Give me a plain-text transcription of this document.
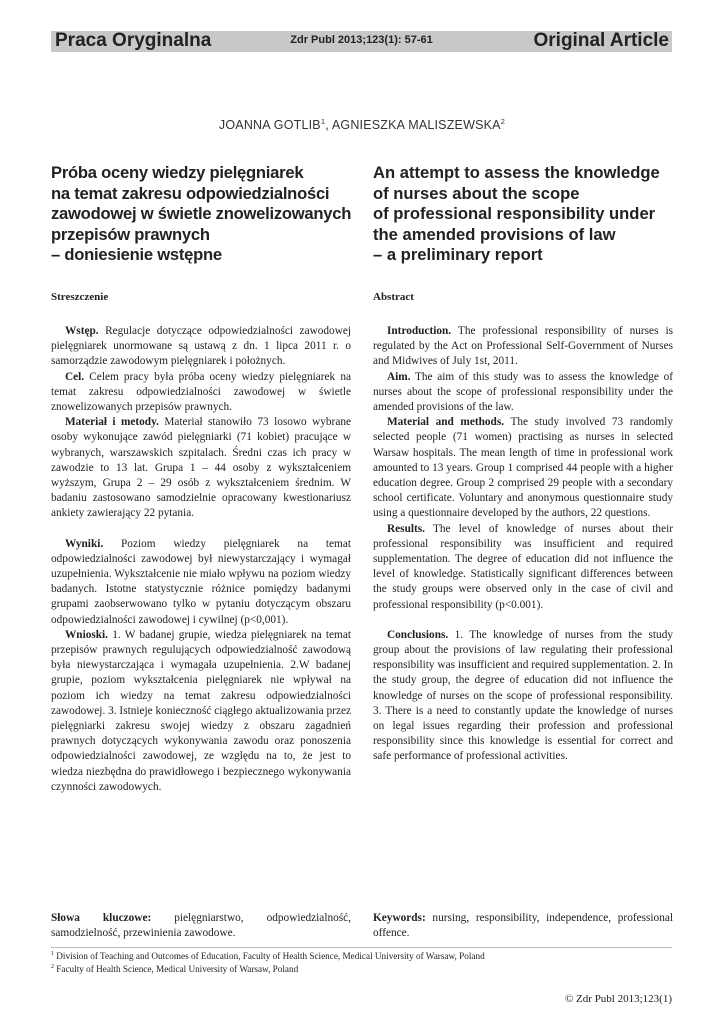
Praca Oryginalna	Zdr Publ 2013;123(1): 57-61	Original Article
JOANNA GOTLIB$^1$, AGNIESZKA MALISZEWSKA$^2$
Próba oceny wiedzy pielęgniarek
na temat zakresu odpowiedzialności
zawodowej w świetle znowelizowanych
przepisów prawnych
– doniesienie wstępne
An attempt to assess the knowledge
of nurses about the scope
of professional responsibility under
the amended provisions of law
– a preliminary report
Streszczenie	Abstract

Wstęp. Regulacje dotyczące odpowiedzialności zawodowej pielęgniarek unormowane są ustawą z dn. 1 lipca 2011 r. o samorządzie zawodowym pielęgniarek i położnych.

Cel. Celem pracy była próba oceny wiedzy pielęgniarek na temat zakresu odpowiedzialności zawodowej w świetle znowelizowanych przepisów prawnych.

Materiał i metody. Materiał stanowiło 73 losowo wybrane osoby wykonujące zawód pielęgniarki (71 kobiet) pracujące w wybranych, warszawskich szpitalach. Średni czas ich pracy w zawodzie to 13 lat. Grupa 1 – 44 osoby z wykształceniem wyższym, Grupa 2 – 29 osób z wykształceniem średnim. W badaniu zastosowano samodzielnie opracowany kwestionariusz ankiety zawierający 22 pytania.

Wyniki. Poziom wiedzy pielęgniarek na temat odpowiedzialności zawodowej był niewystarczający i wymagał uzupełnienia. Wykształcenie nie miało wpływu na poziom wiedzy badanych. Istotne statystycznie różnice pomiędzy badanymi grupami zaobserwowano tylko w pytaniu dotyczącym obszaru odpowiedzialności zawodowej i cywilnej (p<0,001).

Wnioski. 1. W badanej grupie, wiedza pielęgniarek na temat przepisów prawnych regulujących odpowiedzialność zawodową była niewystarczająca i wymagała uzupełnienia. 2.W badanej grupie, poziom wykształcenia pielęgniarek nie wpływał na poziom ich wiedzy na temat zakresu odpowiedzialności zawodowej. 3. Istnieje konieczność ciągłego aktualizowania przez pielęgniarki zakresu swojej wiedzy z obszaru zagadnień prawnych dotyczących wykonywania zawodu oraz ponoszenia odpowiedzialności zawodowej, ze względu na to, że jest to wiedza niezbędna do prawidłowego i bezpiecznego wykonywania czynności zawodowych.

Introduction. The professional responsibility of nurses is regulated by the Act on Professional Self-Government of Nurses and Midwives of July 1st, 2011.

Aim. The aim of this study was to assess the knowledge of nurses about the scope of professional responsibility under the amended provisions of the law.

Material and methods. The study involved 73 randomly selected people (71 women) practising as nurses in selected Warsaw hospitals. The mean length of time in professional work amounted to 13 years. Group 1 comprised 44 people with a higher education degree. Group 2 comprised 29 people with a secondary school certificate. Voluntary and anonymous questionnaire study using a questionnaire developed by the authors, 22 questions.

Results. The level of knowledge of nurses about their professional responsibility was insufficient and required supplementation. The degree of education did not influence the level of knowledge. Statistically significant differences between the study groups were observed only in the case of civil and professional responsibility (p<0.001).

Conclusions. 1. The knowledge of nurses from the study group about the provisions of law regulating their professional responsibility was insufficient and required supplementation. 2. In the study group, the degree of education did not influence the knowledge of nurses on the scope of professional responsibility. 3. There is a need to constantly update the knowledge of nurses on legal issues regarding their profession and professional responsibility since this knowledge is essential for correct and safe performance of professional activities.

Słowa kluczowe: pielęgniarstwo, odpowiedzialność, samodzielność, przewinienia zawodowe.
Keywords: nursing, responsibility, independence, professional offence.
$^1$ Division of Teaching and Outcomes of Education, Faculty of Health Science, Medical University of Warsaw, Poland
$^2$ Faculty of Health Science, Medical University of Warsaw, Poland
© Zdr Publ 2013;123(1)
